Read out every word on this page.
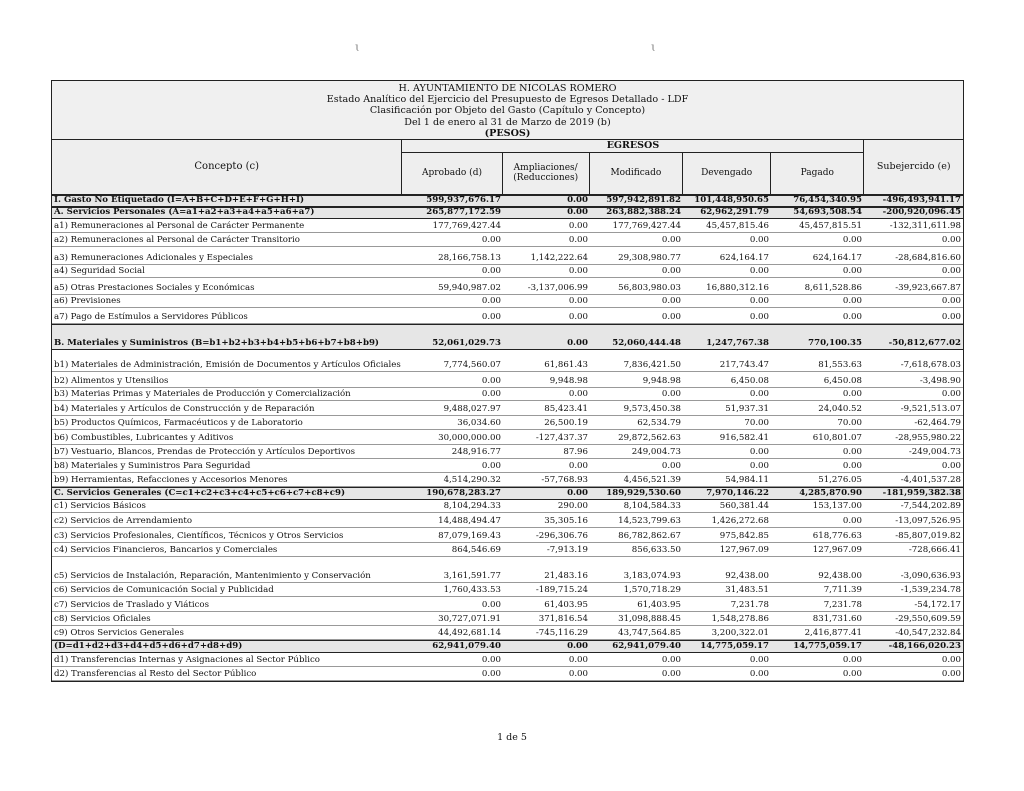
ɩ	ɩ
H. AYUNTAMIENTO DE NICOLAS ROMERO
Estado Analítico del Ejercicio del Presupuesto de Egresos Detallado - LDF
Clasificación por Objeto del Gasto (Capítulo y Concepto)
Del 1 de enero al 31 de Marzo de 2019 (b)
(PESOS)
Concepto (c)
EGRESOS
Aprobado (d)	Ampliaciones/ (Reducciones)	Modificado	Devengado	Pagado
Subejercido (e)
I. Gasto No Etiquetado (I=A+B+C+D+E+F+G+H+I)	599,937,676.17	0.00	597,942,891.82	101,448,950.65	76,454,340.95	-496,493,941.17
A. Servicios Personales (A=a1+a2+a3+a4+a5+a6+a7)	265,877,172.59	0.00	263,882,388.24	62,962,291.79	54,693,508.54	-200,920,096.45
a1) Remuneraciones al Personal de Carácter Permanente	177,769,427.44	0.00	177,769,427.44	45,457,815.46	45,457,815.51	-132,311,611.98
a2) Remuneraciones al Personal de Carácter Transitorio	0.00	0.00	0.00	0.00	0.00	0.00
a3) Remuneraciones Adicionales y Especiales	28,166,758.13	1,142,222.64	29,308,980.77	624,164.17	624,164.17	-28,684,816.60
a4) Seguridad Social	0.00	0.00	0.00	0.00	0.00	0.00
a5) Otras Prestaciones Sociales y Económicas	59,940,987.02	-3,137,006.99	56,803,980.03	16,880,312.16	8,611,528.86	-39,923,667.87
a6) Previsiones	0.00	0.00	0.00	0.00	0.00	0.00
a7) Pago de Estímulos a Servidores Públicos	0.00	0.00	0.00	0.00	0.00	0.00
B. Materiales y Suministros (B=b1+b2+b3+b4+b5+b6+b7+b8+b9)	52,061,029.73	0.00	52,060,444.48	1,247,767.38	770,100.35	-50,812,677.02
b1) Materiales de Administración, Emisión de Documentos y Artículos Oficiales	7,774,560.07	61,861.43	7,836,421.50	217,743.47	81,553.63	-7,618,678.03
b2) Alimentos y Utensilios	0.00	9,948.98	9,948.98	6,450.08	6,450.08	-3,498.90
b3) Materias Primas y Materiales de Producción y Comercialización	0.00	0.00	0.00	0.00	0.00	0.00
b4) Materiales y Artículos de Construcción y de Reparación	9,488,027.97	85,423.41	9,573,450.38	51,937.31	24,040.52	-9,521,513.07
b5) Productos Químicos, Farmacéuticos y de Laboratorio	36,034.60	26,500.19	62,534.79	70.00	70.00	-62,464.79
b6) Combustibles, Lubricantes y Aditivos	30,000,000.00	-127,437.37	29,872,562.63	916,582.41	610,801.07	-28,955,980.22
b7) Vestuario, Blancos, Prendas de Protección y Artículos Deportivos	248,916.77	87.96	249,004.73	0.00	0.00	-249,004.73
b8) Materiales y Suministros Para Seguridad	0.00	0.00	0.00	0.00	0.00	0.00
b9) Herramientas, Refacciones y Accesorios Menores	4,514,290.32	-57,768.93	4,456,521.39	54,984.11	51,276.05	-4,401,537.28
C. Servicios Generales (C=c1+c2+c3+c4+c5+c6+c7+c8+c9)	190,678,283.27	0.00	189,929,530.60	7,970,146.22	4,285,870.90	-181,959,382.38
c1) Servicios Básicos	8,104,294.33	290.00	8,104,584.33	560,381.44	153,137.00	-7,544,202.89
c2) Servicios de Arrendamiento	14,488,494.47	35,305.16	14,523,799.63	1,426,272.68	0.00	-13,097,526.95
c3) Servicios Profesionales, Científicos, Técnicos y Otros Servicios	87,079,169.43	-296,306.76	86,782,862.67	975,842.85	618,776.63	-85,807,019.82
c4) Servicios Financieros, Bancarios y Comerciales	864,546.69	-7,913.19	856,633.50	127,967.09	127,967.09	-728,666.41
c5) Servicios de Instalación, Reparación, Mantenimiento y Conservación	3,161,591.77	21,483.16	3,183,074.93	92,438.00	92,438.00	-3,090,636.93
c6) Servicios de Comunicación Social y Publicidad	1,760,433.53	-189,715.24	1,570,718.29	31,483.51	7,711.39	-1,539,234.78
c7) Servicios de Traslado y Viáticos	0.00	61,403.95	61,403.95	7,231.78	7,231.78	-54,172.17
c8) Servicios Oficiales	30,727,071.91	371,816.54	31,098,888.45	1,548,278.86	831,731.60	-29,550,609.59
c9) Otros Servicios Generales	44,492,681.14	-745,116.29	43,747,564.85	3,200,322.01	2,416,877.41	-40,547,232.84
(D=d1+d2+d3+d4+d5+d6+d7+d8+d9)	62,941,079.40	0.00	62,941,079.40	14,775,059.17	14,775,059.17	-48,166,020.23
d1) Transferencias Internas y Asignaciones al Sector Público	0.00	0.00	0.00	0.00	0.00	0.00
d2) Transferencias al Resto del Sector Público	0.00	0.00	0.00	0.00	0.00	0.00
1 de 5
